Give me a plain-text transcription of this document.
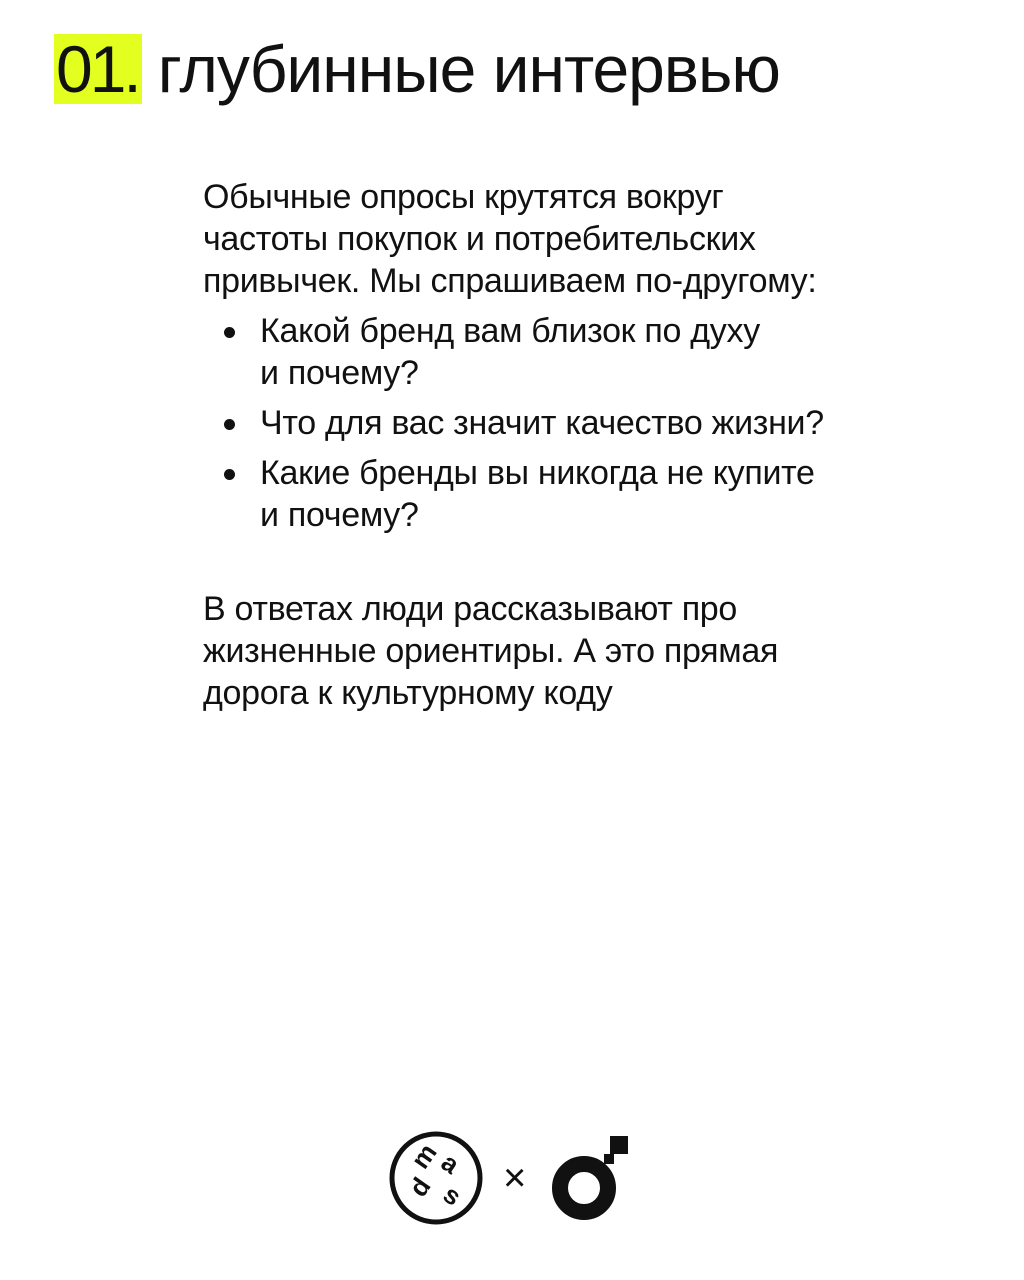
01. глубинные интервью
Обычные опросы крутятся вокруг
частоты покупок и потребительских
привычек. Мы спрашиваем по-другому:
Какой бренд вам близок по духу
и почему?
Что для вас значит качество жизни?
Какие бренды вы никогда не купите
и почему?
В ответах люди рассказывают про
жизненные ориентиры. А это прямая
дорога к культурному коду
m
a
d s ×
